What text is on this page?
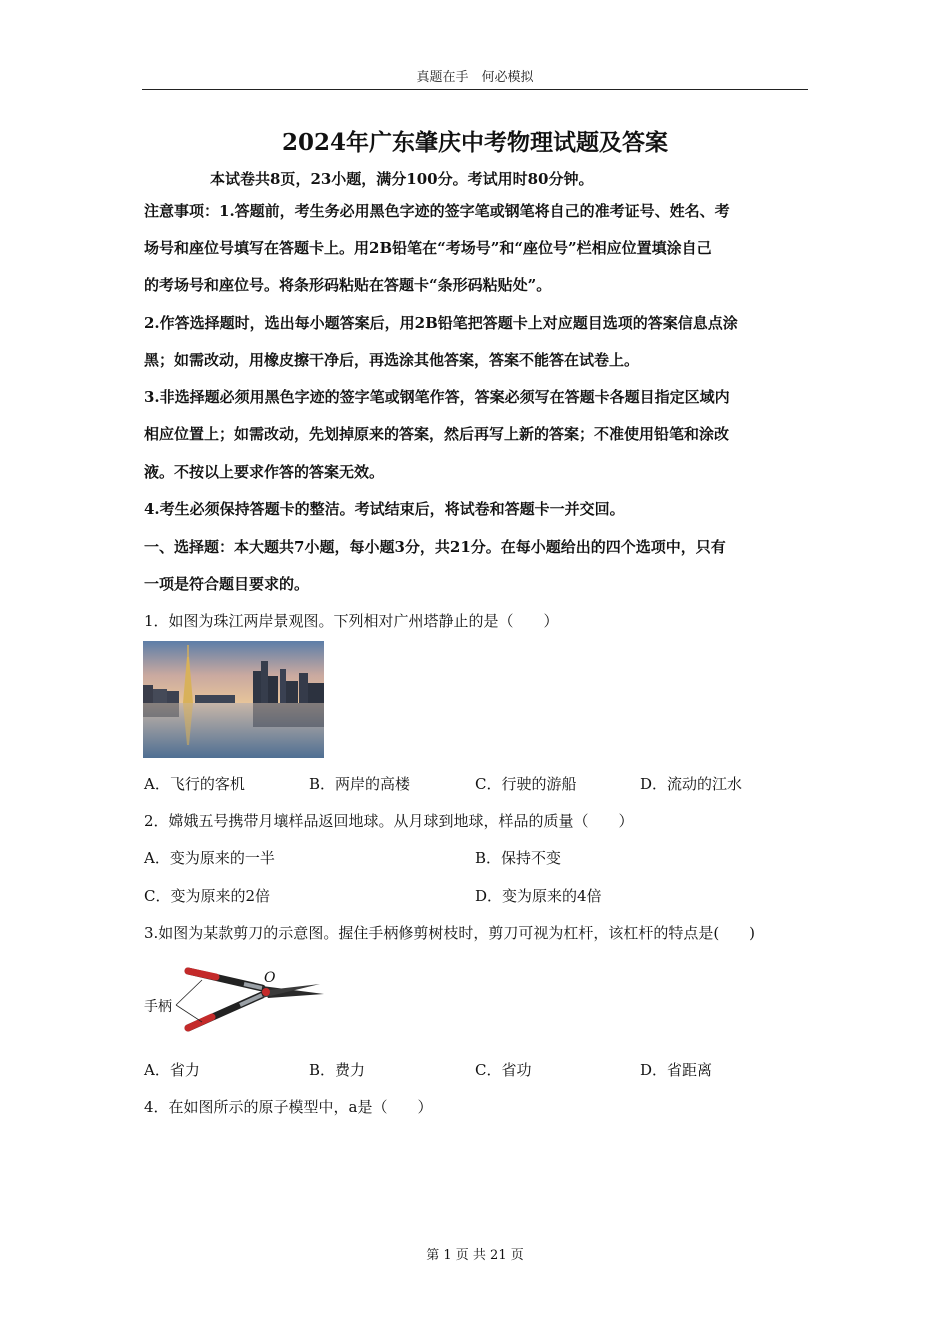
真题在手　何必模拟
2024年广东肇庆中考物理试题及答案
本试卷共8页，23小题，满分100分。考试用时80分钟。
注意事项：1.答题前，考生务必用黑色字迹的签字笔或钢笔将自己的准考证号、姓名、考
场号和座位号填写在答题卡上。用2B铅笔在“考场号”和“座位号”栏相应位置填涂自己
的考场号和座位号。将条形码粘贴在答题卡“条形码粘贴处”。
2.作答选择题时，选出每小题答案后，用2B铅笔把答题卡上对应题目选项的答案信息点涂
黑；如需改动，用橡皮擦干净后，再选涂其他答案，答案不能答在试卷上。
3.非选择题必须用黑色字迹的签字笔或钢笔作答，答案必须写在答题卡各题目指定区域内
相应位置上；如需改动，先划掉原来的答案，然后再写上新的答案；不准使用铅笔和涂改
液。不按以上要求作答的答案无效。
4.考生必须保持答题卡的整洁。考试结束后，将试卷和答题卡一并交回。
一、选择题：本大题共7小题，每小题3分，共21分。在每小题给出的四个选项中，只有
一项是符合题目要求的。
1．如图为珠江两岸景观图。下列相对广州塔静止的是（　　）
A．飞行的客机	B．两岸的高楼	C．行驶的游船	D．流动的江水
2．嫦娥五号携带月壤样品返回地球。从月球到地球，样品的质量（　　）
A．变为原来的一半	B．保持不变
C．变为原来的2倍	D．变为原来的4倍
3.如图为某款剪刀的示意图。握住手柄修剪树枝时，剪刀可视为杠杆，该杠杆的特点是(　　)
手柄
O
A．省力	B．费力	C．省功	D．省距离
4．在如图所示的原子模型中，a是（　　）
第 1 页 共 21 页
